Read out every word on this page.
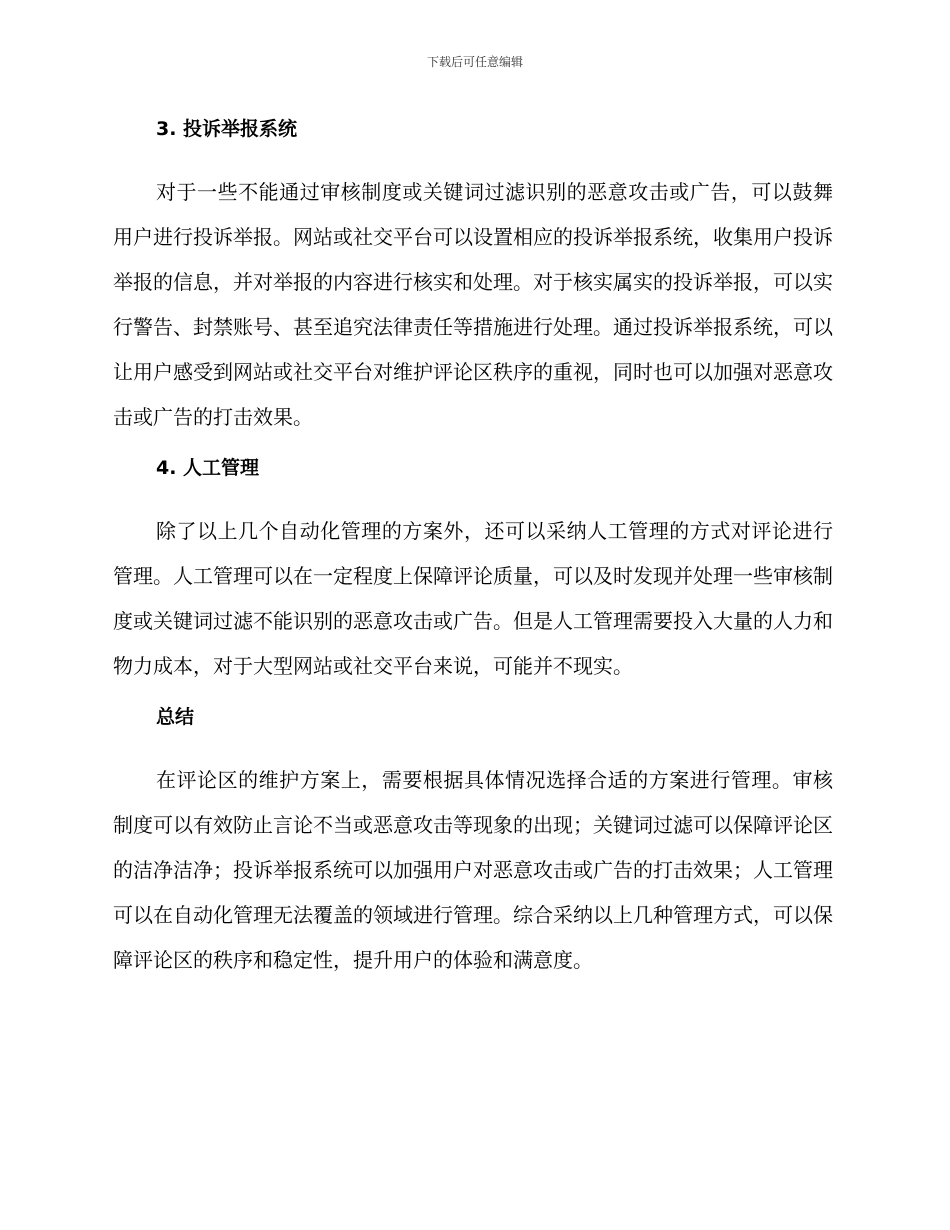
下载后可任意编辑
3. 投诉举报系统

对于一些不能通过审核制度或关键词过滤识别的恶意攻击或广告，可以鼓舞用户进行投诉举报。网站或社交平台可以设置相应的投诉举报系统，收集用户投诉举报的信息，并对举报的内容进行核实和处理。对于核实属实的投诉举报，可以实行警告、封禁账号、甚至追究法律责任等措施进行处理。通过投诉举报系统，可以让用户感受到网站或社交平台对维护评论区秩序的重视，同时也可以加强对恶意攻击或广告的打击效果。

4. 人工管理

除了以上几个自动化管理的方案外，还可以采纳人工管理的方式对评论进行管理。人工管理可以在一定程度上保障评论质量，可以及时发现并处理一些审核制度或关键词过滤不能识别的恶意攻击或广告。但是人工管理需要投入大量的人力和物力成本，对于大型网站或社交平台来说，可能并不现实。

总结

在评论区的维护方案上，需要根据具体情况选择合适的方案进行管理。审核制度可以有效防止言论不当或恶意攻击等现象的出现；关键词过滤可以保障评论区的洁净洁净；投诉举报系统可以加强用户对恶意攻击或广告的打击效果；人工管理可以在自动化管理无法覆盖的领域进行管理。综合采纳以上几种管理方式，可以保障评论区的秩序和稳定性，提升用户的体验和满意度。
